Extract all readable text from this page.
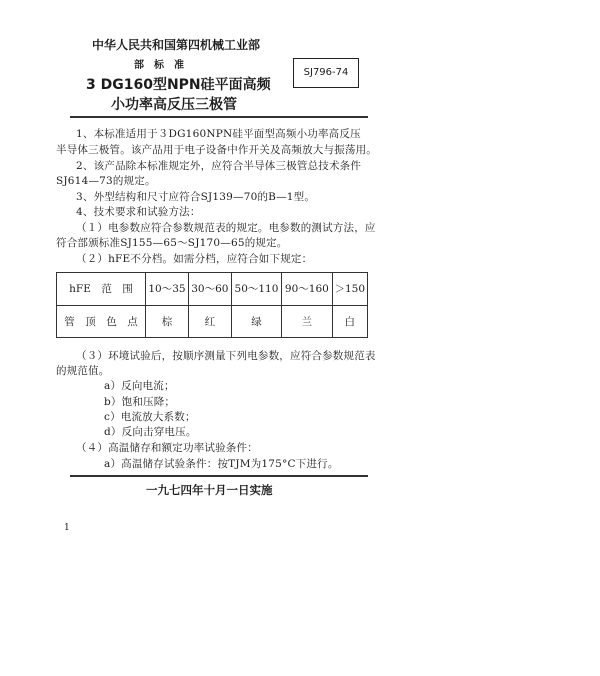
中华人民共和国第四机械工业部
部　标　准
3 DG160型NPN硅平面高频
小功率高反压三极管
SJ796-74
1、本标准适用于３DG160NPN硅平面型高频小功率高反压
半导体三极管。该产品用于电子设备中作开关及高频放大与振荡用。
2、该产品除本标准规定外，应符合半导体三极管总技术条件
SJ614—73的规定。
3、外型结构和尺寸应符合SJ139—70的B—1型。
4、技术要求和试验方法：
（１）电参数应符合参数规范表的规定。电参数的测试方法，应
符合部颁标准SJ155—65～SJ170—65的规定。
（２）hFE不分档。如需分档，应符合如下规定：
hFE　范　围	10～35	30～60	50～110	90～160	＞150
管　顶　色　点	棕	红	绿	兰	白
（３）环境试验后，按顺序测量下列电参数，应符合参数规范表
的规范值。
a）反向电流；
b）饱和压降；
c）电流放大系数；
d）反向击穿电压。
（４）高温储存和额定功率试验条件：
a）高温储存试验条件：按TJM为175°C下进行。
一九七四年十月一日实施
1
